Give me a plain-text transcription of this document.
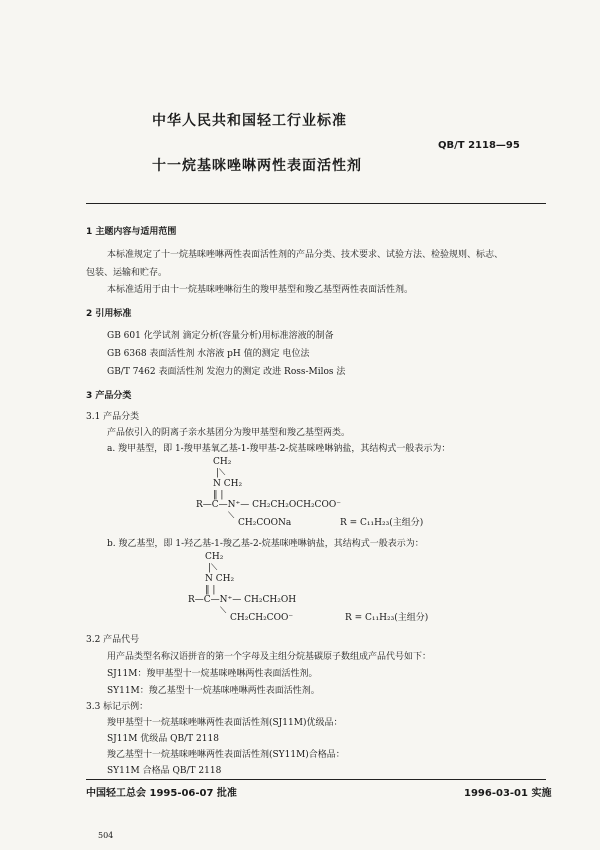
中华人民共和国轻工行业标准
QB/T 2118—95
十一烷基咪唑啉两性表面活性剂
1 主题内容与适用范围
本标准规定了十一烷基咪唑啉两性表面活性剂的产品分类、技术要求、试验方法、检验规则、标志、
包装、运输和贮存。
本标准适用于由十一烷基咪唑啉衍生的羧甲基型和羧乙基型两性表面活性剂。
2 引用标准
GB 601 化学试剂 滴定分析(容量分析)用标准溶液的制备
GB 6368 表面活性剂 水溶液 pH 值的测定 电位法
GB/T 7462 表面活性剂 发泡力的测定 改进 Ross-Milos 法
3 产品分类
3.1 产品分类
产品依引入的阴离子亲水基团分为羧甲基型和羧乙基型两类。
a. 羧甲基型，即 1-羧甲基氧乙基-1-羧甲基-2-烷基咪唑啉钠盐，其结构式一般表示为：
CH₂
|⟍
N CH₂
‖ |
R—C—N⁺— CH₂CH₂OCH₂COO⁻
⟍
CH₂COONa	R = C₁₁H₂₃(主组分)
b. 羧乙基型，即 1-羟乙基-1-羧乙基-2-烷基咪唑啉钠盐，其结构式一般表示为：
CH₂
|⟍
N CH₂
‖ |
R—C—N⁺— CH₂CH₂OH
⟍
CH₂CH₂COO⁻	R = C₁₁H₂₃(主组分)
3.2 产品代号
用产品类型名称汉语拼音的第一个字母及主组分烷基碳原子数组成产品代号如下：
SJ11M：羧甲基型十一烷基咪唑啉两性表面活性剂。
SY11M：羧乙基型十一烷基咪唑啉两性表面活性剂。
3.3 标记示例：
羧甲基型十一烷基咪唑啉两性表面活性剂(SJ11M)优级品：
SJ11M 优级品 QB/T 2118
羧乙基型十一烷基咪唑啉两性表面活性剂(SY11M)合格品：
SY11M 合格品 QB/T 2118
中国轻工总会 1995-06-07 批准	1996-03-01 实施
504
